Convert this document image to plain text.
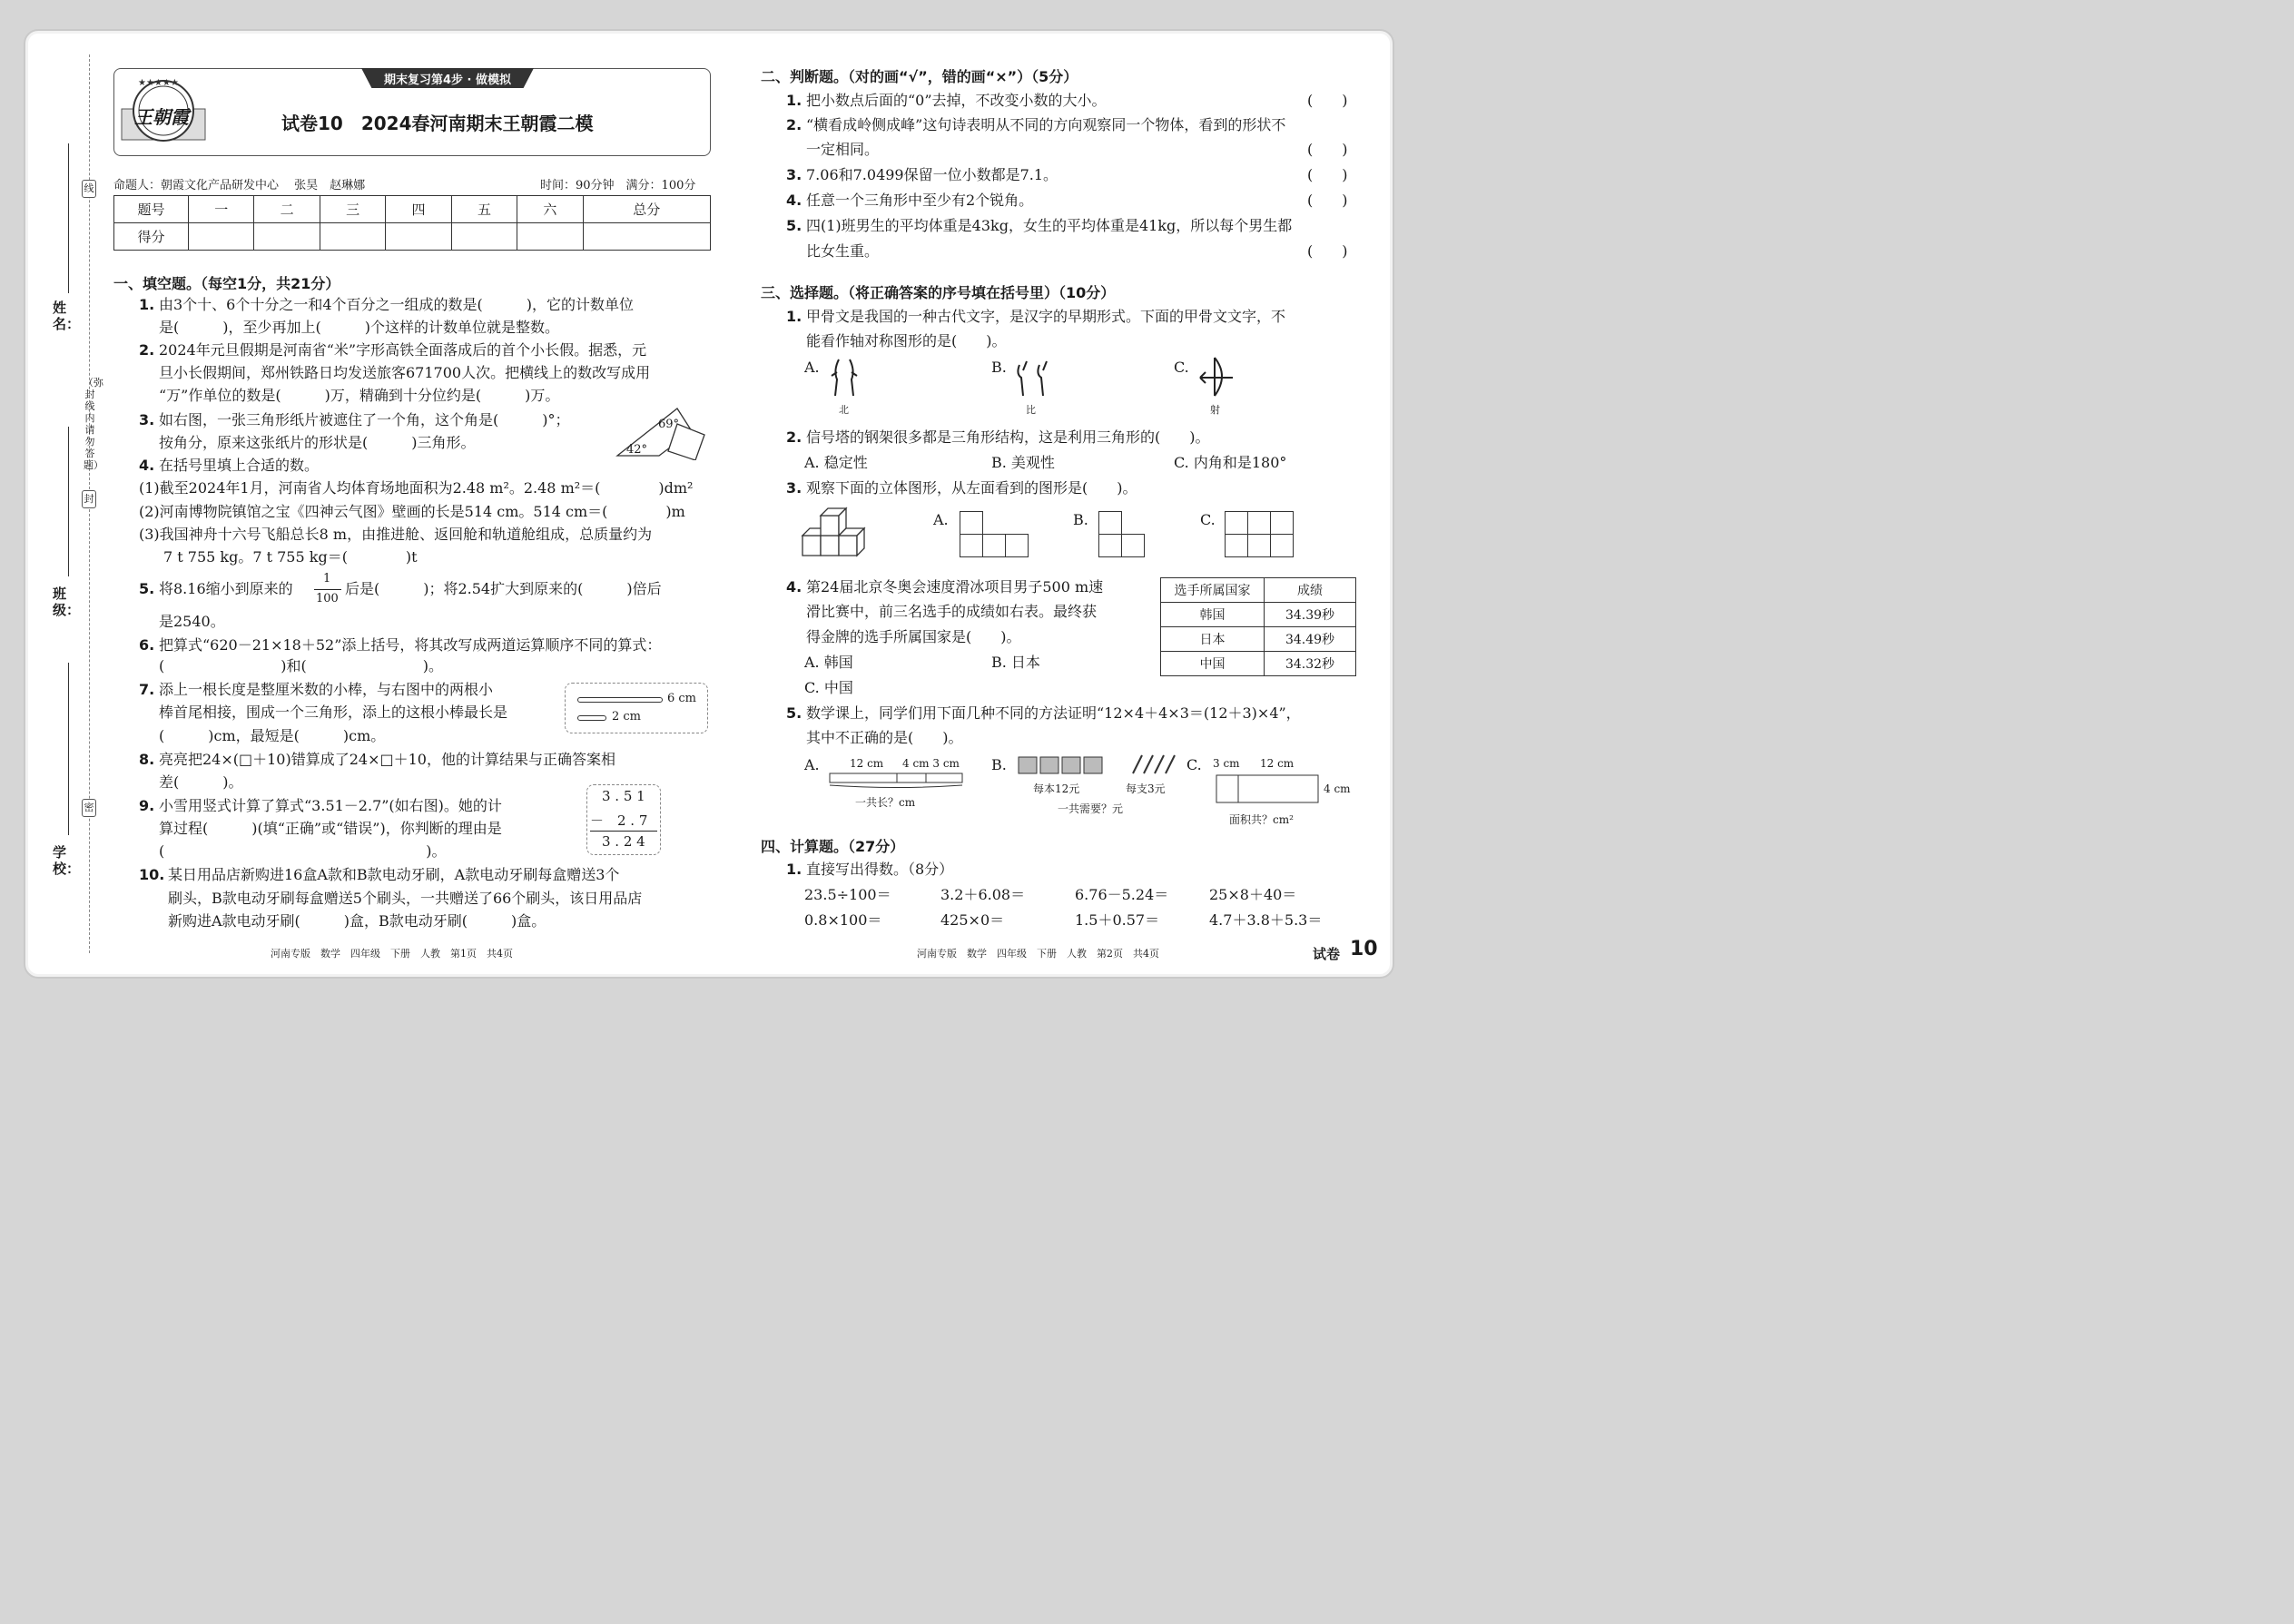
线
封
密
（弥封线内请勿答题）
姓名：
班级：
学校：
期末复习第4步 · 做模拟
★★★★★
王朝霞	试卷10　2024春河南期末王朝霞二模
命题人：朝霞文化产品研发中心　 张昊　赵琳娜	时间：90分钟　满分：100分
题号	一	二	三	四	五	六	总分
得分							
一、填空题。（每空1分，共21分）
1. 由3个十、6个十分之一和4个百分之一组成的数是(　　　)，它的计数单位
是(　　　)，至少再加上(　　　)个这样的计数单位就是整数。
2. 2024年元旦假期是河南省“米”字形高铁全面落成后的首个小长假。据悉，元
旦小长假期间，郑州铁路日均发送旅客671700人次。把横线上的数改写成用
“万”作单位的数是(　　　)万，精确到十分位约是(　　　)万。
3. 如右图，一张三角形纸片被遮住了一个角，这个角是(　　　)°；
按角分，原来这张纸片的形状是(　　　)三角形。
69°
42°
4. 在括号里填上合适的数。
(1)截至2024年1月，河南省人均体育场地面积为2.48 m²。2.48 m²＝(　　　　)dm²
(2)河南博物院镇馆之宝《四神云气图》壁画的长是514 cm。514 cm＝(　　　　)m
(3)我国神舟十六号飞船总长8 m，由推进舱、返回舱和轨道舱组成，总质量约为
7 t 755 kg。7 t 755 kg＝(　　　　)t
5. 将8.16缩小到原来的
1
100
后是(　　　)；将2.54扩大到原来的(　　　)倍后
是2540。
6. 把算式“620－21×18＋52”添上括号，将其改写成两道运算顺序不同的算式：
(　　　　　　　　)和(　　　　　　　　)。
7. 添上一根长度是整厘米数的小棒，与右图中的两根小
棒首尾相接，围成一个三角形，添上的这根小棒最长是
(　　　)cm，最短是(　　　)cm。
6 cm
2 cm
8. 亮亮把24×(□＋10)错算成了24×□＋10，他的计算结果与正确答案相
差(　　　)。
9. 小雪用竖式计算了算式“3.51－2.7”(如右图)。她的计
算过程(　　　)(填“正确”或“错误”)，你判断的理由是
(　　　　　　　　　　　　　　　　　　)。
3 . 5 1
－　2 . 7
3 . 2 4
10. 某日用品店新购进16盒A款和B款电动牙刷，A款电动牙刷每盒赠送3个
刷头，B款电动牙刷每盒赠送5个刷头，一共赠送了66个刷头，该日用品店
新购进A款电动牙刷(　　　)盒，B款电动牙刷(　　　)盒。
河南专版　数学　四年级　下册　人教　第1页　共4页
二、判断题。（对的画“√”，错的画“×”）（5分）
1. 把小数点后面的“0”去掉，不改变小数的大小。	(　　)
2. “横看成岭侧成峰”这句诗表明从不同的方向观察同一个物体，看到的形状不
一定相同。	(　　)
3. 7.06和7.0499保留一位小数都是7.1。	(　　)
4. 任意一个三角形中至少有2个锐角。	(　　)
5. 四(1)班男生的平均体重是43kg，女生的平均体重是41kg，所以每个男生都
比女生重。	(　　)
三、选择题。（将正确答案的序号填在括号里）（10分）
1. 甲骨文是我国的一种古代文字，是汉字的早期形式。下面的甲骨文文字，不
能看作轴对称图形的是(　　)。
A.
北
B.
比
C.
射
2. 信号塔的钢架很多都是三角形结构，这是利用三角形的(　　)。
A. 稳定性	B. 美观性	C. 内角和是180°
3. 观察下面的立体图形，从左面看到的图形是(　　)。
A.	B.	C.
4. 第24届北京冬奥会速度滑冰项目男子500 m速
滑比赛中，前三名选手的成绩如右表。最终获
得金牌的选手所属国家是(　　)。
A. 韩国	B. 日本
C. 中国
选手所属国家	成绩
韩国	34.39秒
日本	34.49秒
中国	34.32秒
5. 数学课上，同学们用下面几种不同的方法证明“12×4＋4×3＝(12＋3)×4”，
其中不正确的是(　　)。
A.	12 cm 4 cm 3 cm
一共长？cm
B.
每本12元	每支3元
一共需要？元
C. 3 cm 12 cm
4 cm
面积共？cm²
四、计算题。（27分）
1. 直接写出得数。（8分）
23.5÷100＝	3.2＋6.08＝	6.76－5.24＝	25×8＋40＝
0.8×100＝	425×0＝	1.5＋0.57＝	4.7＋3.8＋5.3＝
河南专版　数学　四年级　下册　人教　第2页　共4页	试卷 10
